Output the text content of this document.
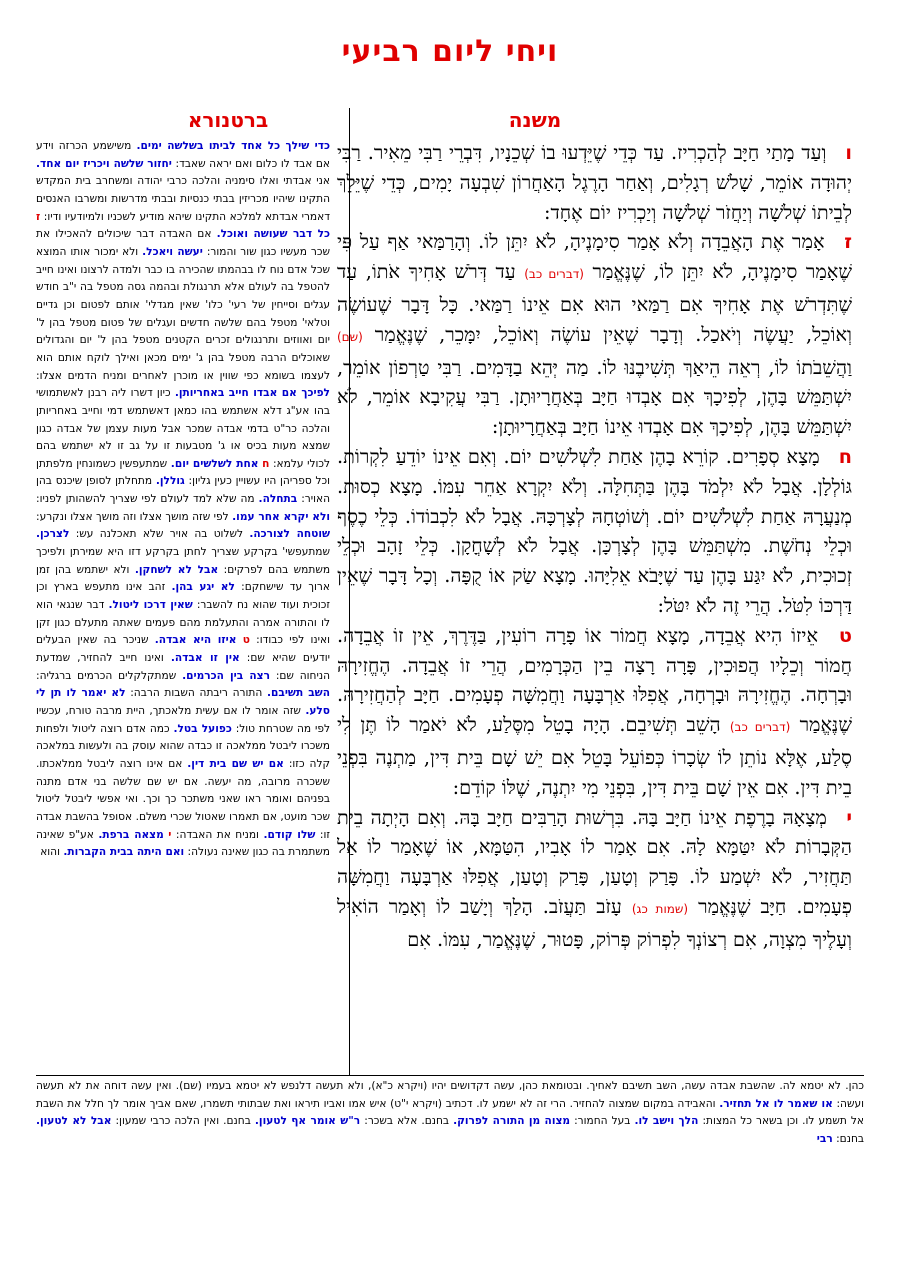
ויחי ליום רביעי
משנה
ברטנורא

ו וְעַד מָתַי חַיָּב לְהַכְרִיז. עַד כְּדֵי שֶׁיֵּדְעוּ בוֹ שְׁכֵנָיו, דִּבְרֵי רַבִּי מֵאִיר. רַבִּי יְהוּדָה אוֹמֵר, שָׁלֹשׁ רְגָלִים, וְאַחַר הָרֶגֶל הָאַחֲרוֹן שִׁבְעָה יָמִים, כְּדֵי שֶׁיֵּלֵךְ לְבֵיתוֹ שְׁלֹשָׁה וְיַחֲזֹר שְׁלֹשָׁה וְיַכְרִיז יוֹם אֶחָד:

ז אָמַר אֶת הָאֲבֵדָה וְלֹא אָמַר סִימָנֶיהָ, לֹא יִתֵּן לוֹ. וְהָרַמַּאי אַף עַל פִּי שֶׁאָמַר סִימָנֶיהָ, לֹא יִתֵּן לוֹ, שֶׁנֶּאֱמַר (דברים כב) עַד דְּרֹשׁ אָחִיךָ אֹתוֹ, עַד שֶׁתִּדְרֹשׁ אֶת אָחִיךָ אִם רַמַּאי הוּא אִם אֵינוֹ רַמַּאי. כָּל דָּבָר שֶׁעוֹשֶׂה וְאוֹכֵל, יַעֲשֶׂה וְיֹאכַל. וְדָבָר שֶׁאֵין עוֹשֶׂה וְאוֹכֵל, יִמָּכֵר, שֶׁנֶּאֱמַר (שם) וַהֲשֵׁבֹתוֹ לוֹ, רְאֵה הֵיאַךְ תְּשִׁיבֶנּוּ לוֹ. מַה יְּהֵא בַדָּמִים. רַבִּי טַרְפוֹן אוֹמֵר, יִשְׁתַּמֵּשׁ בָּהֶן, לְפִיכָךְ אִם אָבְדוּ חַיָּב בְּאַחֲרָיוּתָן. רַבִּי עֲקִיבָא אוֹמֵר, לֹא יִשְׁתַּמֵּשׁ בָּהֶן, לְפִיכָךְ אִם אָבְדוּ אֵינוֹ חַיָּב בְּאַחֲרָיוּתָן:

ח מָצָא סְפָרִים. קוֹרֵא בָהֶן אַחַת לִשְׁלֹשִׁים יוֹם. וְאִם אֵינוֹ יוֹדֵעַ לִקְרוֹת. גּוֹלְלָן. אֲבָל לֹא יִלְמֹד בָּהֶן בַּתְּחִלָּה. וְלֹא יִקְרָא אַחֵר עִמּוֹ. מָצָא כְסוּת. מְנַעֲרָהּ אַחַת לִשְׁלֹשִׁים יוֹם. וְשׁוֹטְחָהּ לְצָרְכָּהּ. אֲבָל לֹא לִכְבוֹדוֹ. כְּלֵי כֶסֶף וּכְלֵי נְחֹשֶׁת. מִשְׁתַּמֵּשׁ בָּהֶן לְצָרְכָּן. אֲבָל לֹא לְשָׁחֳקָן. כְּלֵי זָהָב וּכְלֵי זְכוּכִית, לֹא יִגַּע בָּהֶן עַד שֶׁיָּבֹא אֵלִיָּהוּ. מָצָא שַׂק אוֹ קֻפָּה. וְכָל דָּבָר שֶׁאֵין דַּרְכּוֹ לִטֹּל. הֲרֵי זֶה לֹא יִטֹּל:

ט אֵיזוֹ הִיא אֲבֵדָה, מָצָא חֲמוֹר אוֹ פָרָה רוֹעִין, בַּדֶּרֶךְ, אֵין זוֹ אֲבֵדָה. חֲמוֹר וְכֵלָיו הֲפוּכִין, פָּרָה רָצָה בֵין הַכְּרָמִים, הֲרֵי זוֹ אֲבֵדָה. הֶחֱזִירָהּ וּבָרְחָה. הֶחֱזִירָהּ וּבָרְחָה, אֲפִלּוּ אַרְבָּעָה וַחֲמִשָּׁה פְעָמִים. חַיָּב לְהַחֲזִירָהּ. שֶׁנֶּאֱמַר (דברים כב) הָשֵׁב תְּשִׁיבֵם. הָיָה בָטֵל מִסֶּלַע, לֹא יֹאמַר לוֹ תֶּן לִי סֶלַע, אֶלָּא נוֹתֵן לוֹ שְׂכָרוֹ כְּפוֹעֵל בָּטֵל אִם יֵשׁ שָׁם בֵּית דִּין, מַתְנֶה בִּפְנֵי בֵית דִּין. אִם אֵין שָׁם בֵּית דִּין, בִּפְנֵי מִי יִתְנֶה, שֶׁלּוֹ קוֹדֵם:

י מְצָאָהּ בָרֶפֶת אֵינוֹ חַיָּב בָּהּ. בִּרְשׁוּת הָרַבִּים חַיָּב בָּהּ. וְאִם הָיְתָה בֵית הַקְּבָרוֹת לֹא יִטַּמָּא לָהּ. אִם אָמַר לוֹ אָבִיו, הִטַּמָּא, אוֹ שֶׁאָמַר לוֹ אַל תַּחֲזִיר, לֹא יִשְׁמַע לוֹ. פָּרַק וְטָעַן, פָּרַק וְטָעַן, אֲפִלּוּ אַרְבָּעָה וַחֲמִשָּׁה פְעָמִים. חַיָּב שֶׁנֶּאֱמַר (שמות כג) עָזֹב תַּעֲזֹב. הָלַךְ וְיָשַׁב לוֹ וְאָמַר הוֹאִיל וְעָלֶיךָ מִצְוָה, אִם רְצוֹנְךָ לִפְרוֹק פְּרוֹק, פָּטוּר, שֶׁנֶּאֱמַר, עִמּוֹ. אִם

כדי שילך כל אחד לביתו בשלשה ימים. משישמע הכרזה וידע אם אבד לו כלום ואם יראה שאבד: יחזור שלשה ויכריז יום אחד. אני אבדתי ואלו סימניה והלכה כרבי יהודה ומשחרב בית המקדש התקינו שיהיו מכריזין בבתי כנסיות ובבתי מדרשות ומשרבו האנסים דאמרי אבדתא למלכא התקינו שיהא מודיע לשכניו ולמיודעיו ודיו: ז כל דבר שעושה ואוכל. אם האבדה דבר שיכולים להאכילו את שכר מעשיו כגון שור והמור: יעשה ויאכל. ולא ימכור אותו המוצא שכל אדם נוח לו בבהמתו שהכירה בו כבר ולמדה לרצונו ואינו חייב להטפל בה לעולם אלא תרנגולת ובהמה גסה מטפל בה י"ב חודש עגלים וסייחין של רעי' כלו' שאין מגדלי' אותם לפטום וכן גדיים וטלאי' מטפל בהם שלשה חדשים ועגלים של פטום מטפל בהן ל' יום ואווזים ותרנגולים זכרים הקטנים מטפל בהן ל' יום והגדולים שאוכלים הרבה מטפל בהן ג' ימים מכאן ואילך לוקח אותם הוא לעצמו בשומא כפי שווין או מוכרן לאחרים ומניח הדמים אצלו: לפיכך אם אבדו חייב באחריותן. כיון דשרו ליה רבנן לאשתמושי בהו אע"ג דלא אשתמש בהו כמאן דאשתמש דמי וחייב באחריותן והלכה כר"ט בדמי אבדה שמכר אבל מעות עצמן של אבדה כגון שמצא מעות בכיס או ג' מטבעות זו על גב זו לא ישתמש בהם לכולי עלמא: ח אחת לשלשים יום. שמתעפשין כשמונחין מלפתתן וכל ספריהן היו עשויין כעין גליון: גוללן. מתחלתן לסופן שיכנס בהן האויר: בתחלה. מה שלא למד לעולם לפי שצריך להשהותן לפניו: ולא יקרא אחר עמו. לפי שזה מושך אצלו וזה מושך אצלו ונקרע: שוטחה לצורכה. לשלוט בה אויר שלא תאכלנה עש: לצרכן. שמתעפשי' בקרקע שצריך לחתן בקרקע דזו היא שמירתן ולפיכך משתמש בהם לפרקים: אבל לא לשחקן. ולא ישתמש בהן זמן ארוך עד שישחקם: לא יגע בהן. זהב אינו מתעפש בארץ וכן זכוכית ועוד שהוא נח להשבר: שאין דרכו ליטול. דבר שנגאי הוא לו והתורה אמרה והתעלמת מהם פעמים שאתה מתעלם כגון זקן ואינו לפי כבודו: ט איזו היא אבדה. שניכר בה שאין הבעלים יודעים שהיא שם: אין זו אבדה. ואינו חייב להחזיר, שמדעת הניחוה שם: רצה בין הכרמים. שמתקלקלים הכרמים ברגליה: השב תשיבם. התורה ריבתה השבות הרבה: לא יאמר לו תן לי סלע. שזה אומר לו אם עשית מלאכתך, היית מרבה טורח, עכשיו לפי מה שטרחת טול: כפועל בטל. כמה אדם רוצה ליטול ולפחות משכרו ליבטל ממלאכה זו כבדה שהוא עוסק בה ולעשות במלאכה קלה כזו: אם יש שם בית דין. אם אינו רוצה ליבטל ממלאכתו. ששכרה מרובה, מה יעשה. אם יש שם שלשה בני אדם מתנה בפניהם ואומר ראו שאני משתכר כך וכך. ואי אפשי ליבטל ליטול שכר מועט, אם תאמרו שאטול שכרי משלם. אסופל בהשבת אבדה זו: שלו קודם. ומניח את האבדה: י מצאה ברפת. אע"פ שאינה משתמרת בה כגון שאינה נעולה: ואם היתה בבית הקברות. והוא

כהן. לא יטמא לה. שהשבת אבדה עשה, השב תשיבם לאחיך. ובטומאת כהן, עשה דקדושים יהיו (ויקרא כ"א), ולא תעשה דלנפש לא יטמא בעמיו (שם). ואין עשה דוחה את לא תעשה ועשה: או שאמר לו אל תחזיר. והאבידה במקום שמצוה להחזיר. הרי זה לא ישמע לו. דכתיב (ויקרא י"ט) איש אמו ואביו תיראו ואת שבתותי תשמרו, שאם אביך אומר לך חלל את השבת אל תשמע לו. וכן בשאר כל המצות: הלך וישב לו. בעל החמור: מצוה מן התורה לפרוק. בחנם. אלא בשכר: ר"ש אומר אף לטעון. בחנם. ואין הלכה כרבי שמעון: אבל לא לטעון. בחנם: רבי
